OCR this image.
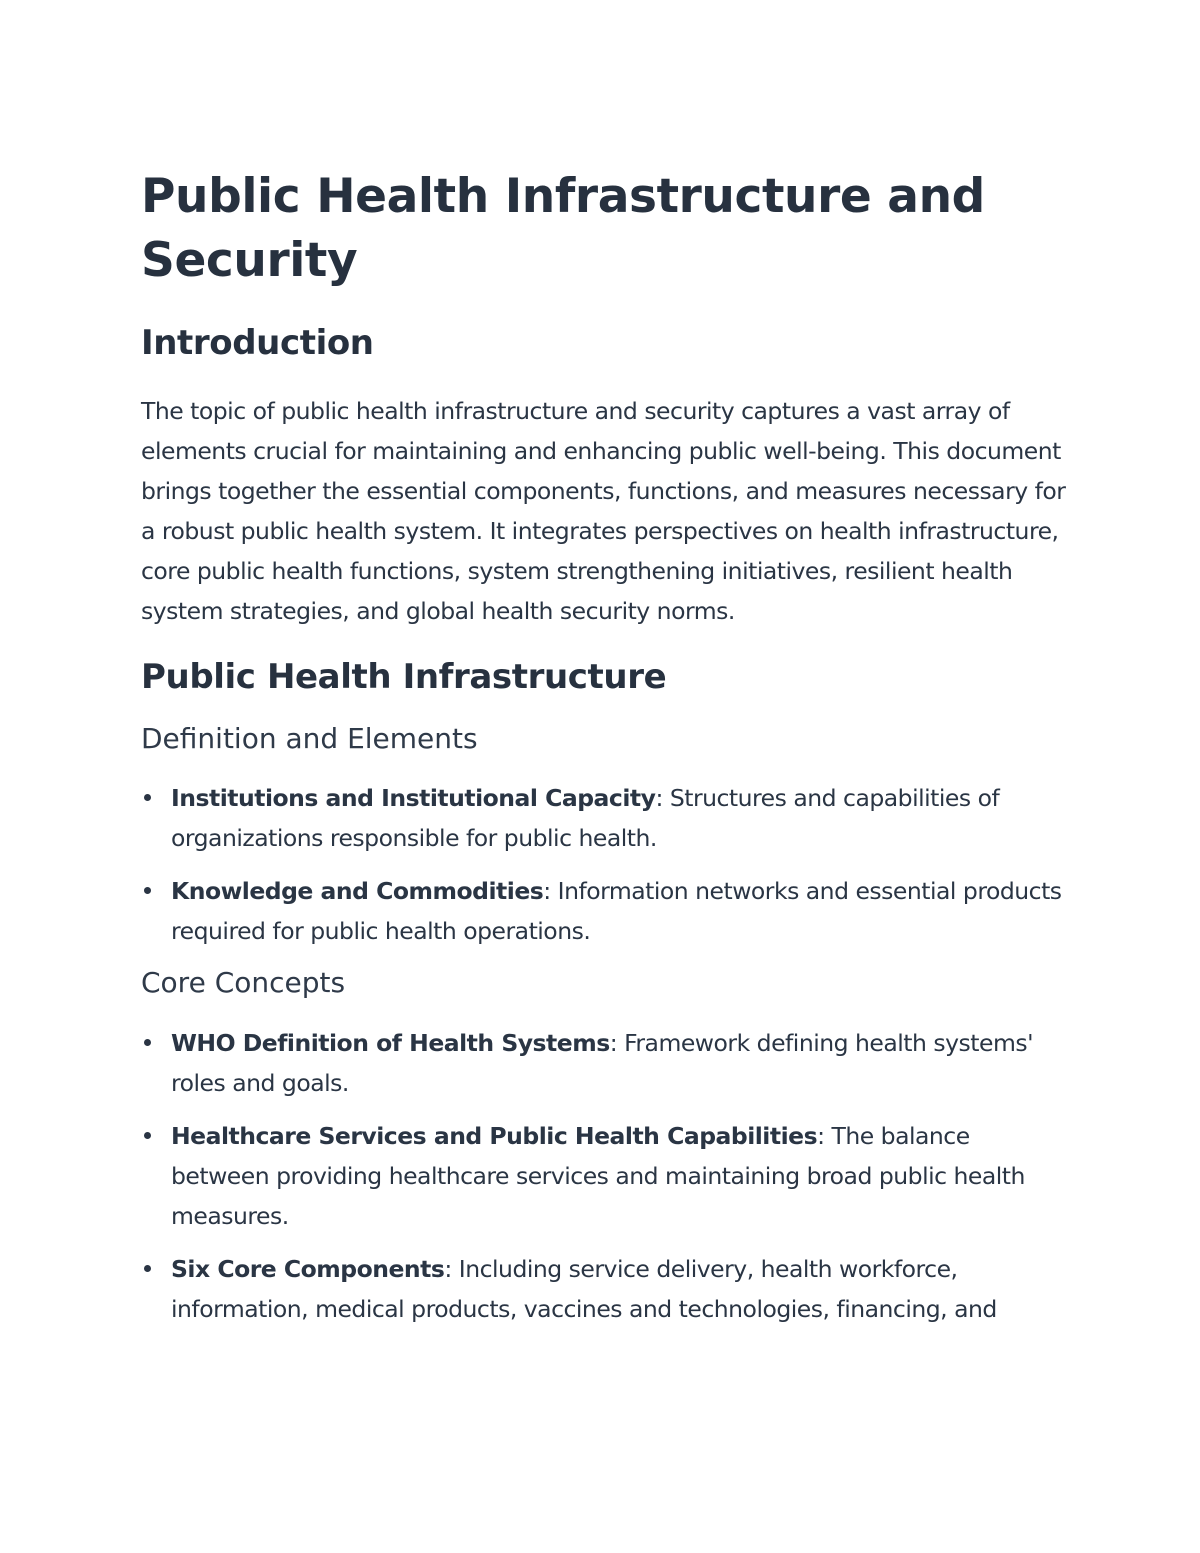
Public Health Infrastructure and Security
Introduction

The topic of public health infrastructure and security captures a vast array of elements crucial for maintaining and enhancing public well-being. This document brings together the essential components, functions, and measures necessary for a robust public health system. It integrates perspectives on health infrastructure, core public health functions, system strengthening initiatives, resilient health system strategies, and global health security norms.

Public Health Infrastructure
Definition and Elements
Institutions and Institutional Capacity: Structures and capabilities of organizations responsible for public health.
Knowledge and Commodities: Information networks and essential products required for public health operations.
Core Concepts
WHO Definition of Health Systems: Framework defining health systems' roles and goals.
Healthcare Services and Public Health Capabilities: The balance between providing healthcare services and maintaining broad public health measures.
Six Core Components: Including service delivery, health workforce, information, medical products, vaccines and technologies, financing, and
